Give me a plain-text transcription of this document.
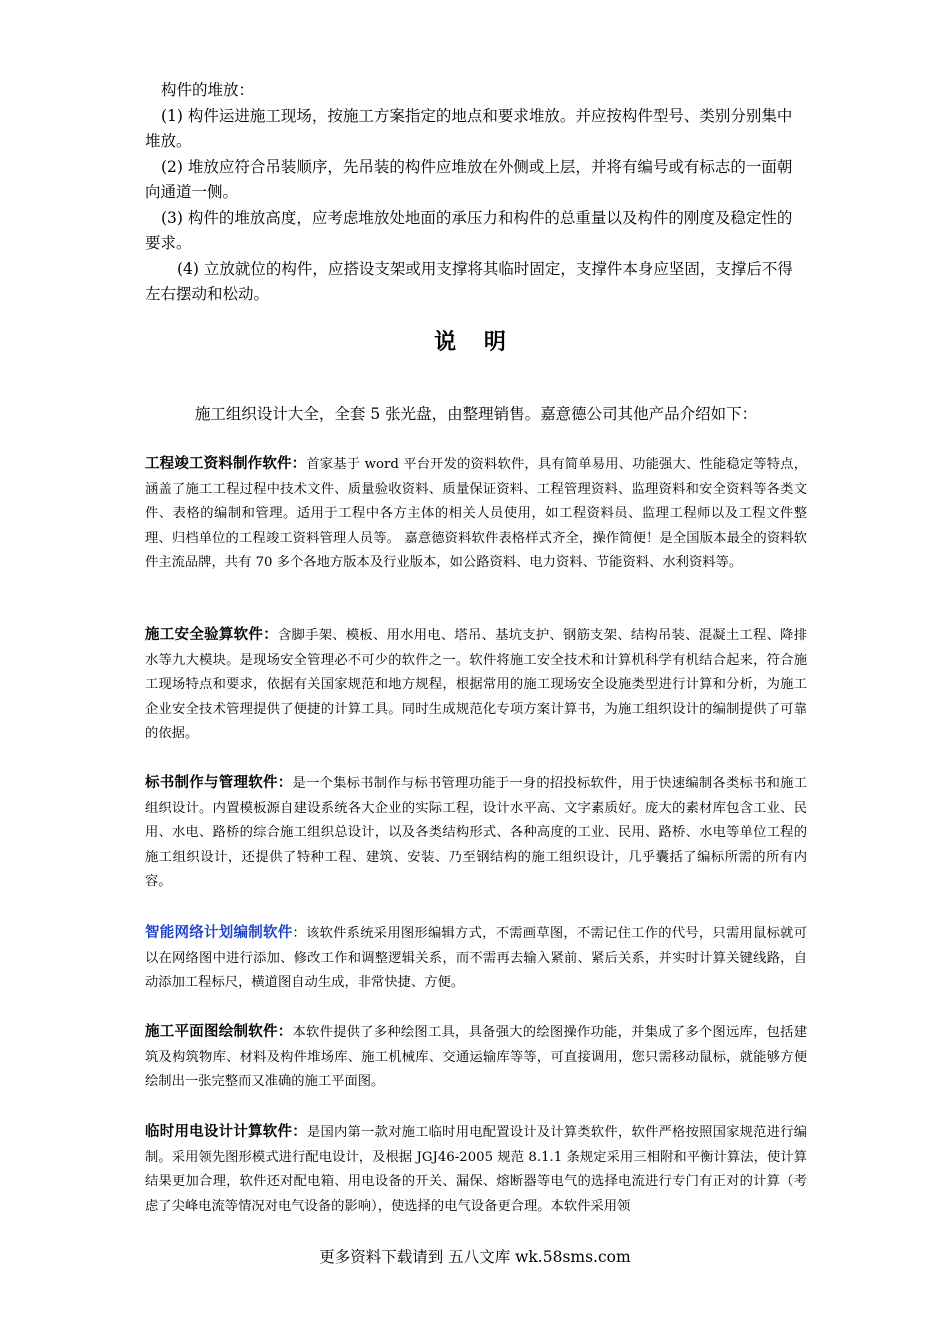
构件的堆放：

(1) 构件运进施工现场，按施工方案指定的地点和要求堆放。并应按构件型号、类别分别集中堆放。

(2) 堆放应符合吊装顺序，先吊装的构件应堆放在外侧或上层，并将有编号或有标志的一面朝向通道一侧。

(3) 构件的堆放高度，应考虑堆放处地面的承压力和构件的总重量以及构件的刚度及稳定性的要求。

(4) 立放就位的构件，应搭设支架或用支撑将其临时固定，支撑件本身应坚固，支撑后不得左右摆动和松动。

说 明
施工组织设计大全，全套 5 张光盘，由整理销售。嘉意德公司其他产品介绍如下：

工程竣工资料制作软件：首家基于 word 平台开发的资料软件，具有简单易用、功能强大、性能稳定等特点，涵盖了施工工程过程中技术文件、质量验收资料、质量保证资料、工程管理资料、监理资料和安全资料等各类文件、表格的编制和管理。适用于工程中各方主体的相关人员使用，如工程资料员、监理工程师以及工程文件整理、归档单位的工程竣工资料管理人员等。 嘉意德资料软件表格样式齐全，操作简便！是全国版本最全的资料软件主流品牌，共有 70 多个各地方版本及行业版本，如公路资料、电力资料、节能资料、水利资料等。

施工安全验算软件：含脚手架、模板、用水用电、塔吊、基坑支护、钢筋支架、结构吊装、混凝土工程、降排水等九大模块。是现场安全管理必不可少的软件之一。软件将施工安全技术和计算机科学有机结合起来，符合施工现场特点和要求，依据有关国家规范和地方规程，根据常用的施工现场安全设施类型进行计算和分析，为施工企业安全技术管理提供了便捷的计算工具。同时生成规范化专项方案计算书，为施工组织设计的编制提供了可靠的依据。

标书制作与管理软件：是一个集标书制作与标书管理功能于一身的招投标软件，用于快速编制各类标书和施工组织设计。内置模板源自建设系统各大企业的实际工程，设计水平高、文字素质好。庞大的素材库包含工业、民用、水电、路桥的综合施工组织总设计，以及各类结构形式、各种高度的工业、民用、路桥、水电等单位工程的施工组织设计，还提供了特种工程、建筑、安装、乃至钢结构的施工组织设计，几乎囊括了编标所需的所有内容。

智能网络计划编制软件：该软件系统采用图形编辑方式，不需画草图，不需记住工作的代号，只需用鼠标就可以在网络图中进行添加、修改工作和调整逻辑关系，而不需再去输入紧前、紧后关系，并实时计算关键线路，自动添加工程标尺，横道图自动生成，非常快捷、方便。

施工平面图绘制软件：本软件提供了多种绘图工具，具备强大的绘图操作功能，并集成了多个图远库，包括建筑及构筑物库、材料及构件堆场库、施工机械库、交通运输库等等，可直接调用，您只需移动鼠标，就能够方便绘制出一张完整而又准确的施工平面图。

临时用电设计计算软件：是国内第一款对施工临时用电配置设计及计算类软件，软件严格按照国家规范进行编制。采用领先图形模式进行配电设计，及根据 JGJ46-2005 规范 8.1.1 条规定采用三相附和平衡计算法，使计算结果更加合理，软件还对配电箱、用电设备的开关、漏保、熔断器等电气的选择电流进行专门有正对的计算（考虑了尖峰电流等情况对电气设备的影响），使选择的电气设备更合理。本软件采用领

更多资料下载请到 五八文库 wk.58sms.com
